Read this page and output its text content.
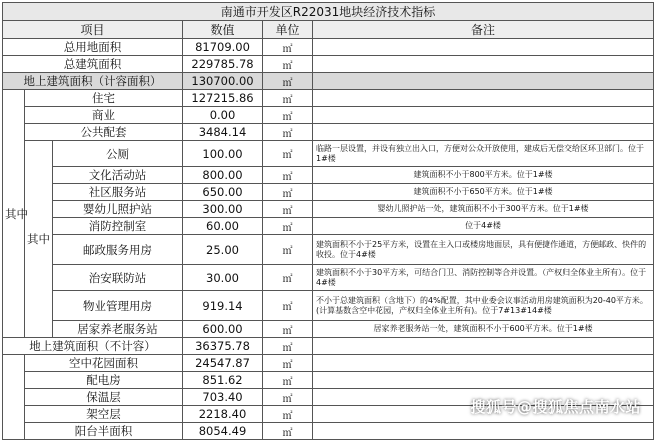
南通市开发区R22031地块经济技术指标					
项目			数值	单位	备注
总用地面积			81709.00	㎡	
总建筑面积			229785.78	㎡	
地上建筑面积（计容面积）			130700.00	㎡	
其中	住宅		127215.86	㎡	
	商业		0.00	㎡	
	公共配套		3484.14	㎡	
	其中	公厕	100.00	㎡	临路一层设置，并设有独立出入口，方便对公众开放使用，建成后无偿交给区环卫部门。位于1#楼
		文化活动站	800.00	㎡	建筑面积不小于800平方米。位于1#楼
		社区服务站	650.00	㎡	建筑面积不小于650平方米。位于1#楼
		婴幼儿照护站	300.00	㎡	婴幼儿照护站一处，建筑面积不小于300平方米。位于1#楼
		消防控制室	60.00	㎡	位于4#楼
		邮政服务用房	25.00	㎡	建筑面积不小于25平方米，设置在主入口或楼房地面层，具有便捷作通道，方便邮政、快件的收投。位于4#楼
		治安联防站	30.00	㎡	建筑面积不小于30平方米，可结合门卫、消防控制等合并设置。（产权归全体业主所有）。位于4#楼
		物业管理用房	919.14	㎡	不小于总建筑面积（含地下）的4%配置，其中业委会议事活动用房建筑面积为20-40平方米。(计算基数含空中花园，产权归全体业主所有)。位于7#13#14#楼
		居家养老服务站	600.00	㎡	居家养老服务站一处，建筑面积不小于600平方米。位于1#楼
地上建筑面积（不计容）			36375.78	㎡	
	空中花园面积		24547.87	㎡	
	配电房		851.62	㎡	
	保温层		703.40	㎡	
	架空层		2218.40	㎡	
	阳台半面积		8054.49	㎡	
搜狐号@搜狐焦点南水站
